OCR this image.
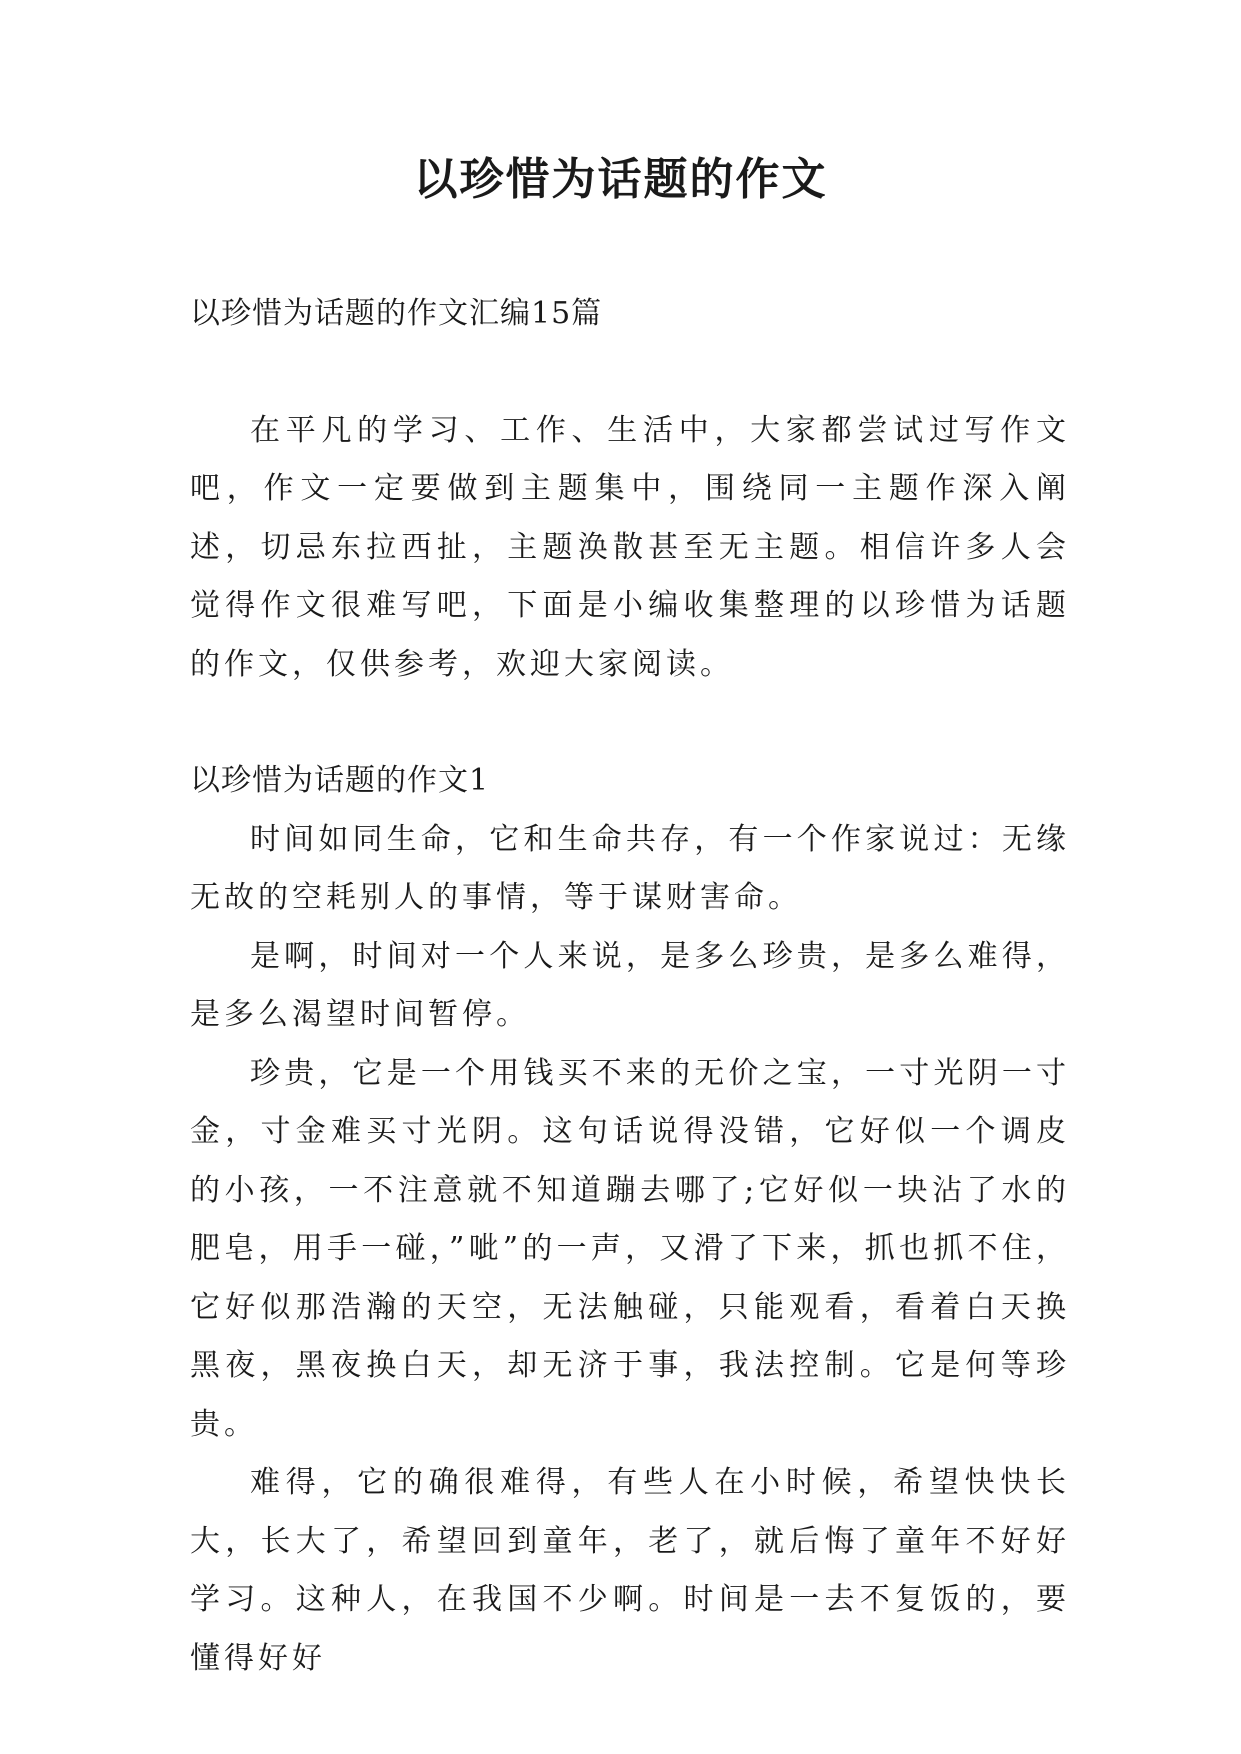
以珍惜为话题的作文

以珍惜为话题的作文汇编15篇

在平凡的学习、工作、生活中，大家都尝试过写作文吧，作文一定要做到主题集中，围绕同一主题作深入阐述，切忌东拉西扯，主题涣散甚至无主题。相信许多人会觉得作文很难写吧，下面是小编收集整理的以珍惜为话题的作文，仅供参考，欢迎大家阅读。

以珍惜为话题的作文1

时间如同生命，它和生命共存，有一个作家说过：无缘无故的空耗别人的事情，等于谋财害命。

是啊，时间对一个人来说，是多么珍贵，是多么难得，是多么渴望时间暂停。

珍贵，它是一个用钱买不来的无价之宝，一寸光阴一寸金，寸金难买寸光阴。这句话说得没错，它好似一个调皮的小孩，一不注意就不知道蹦去哪了;它好似一块沾了水的肥皂，用手一碰，”呲”的一声，又滑了下来，抓也抓不住，它好似那浩瀚的天空，无法触碰，只能观看，看着白天换黑夜，黑夜换白天，却无济于事，我法控制。它是何等珍贵。

难得，它的确很难得，有些人在小时候，希望快快长大，长大了，希望回到童年，老了，就后悔了童年不好好学习。这种人，在我国不少啊。时间是一去不复饭的，要懂得好好
